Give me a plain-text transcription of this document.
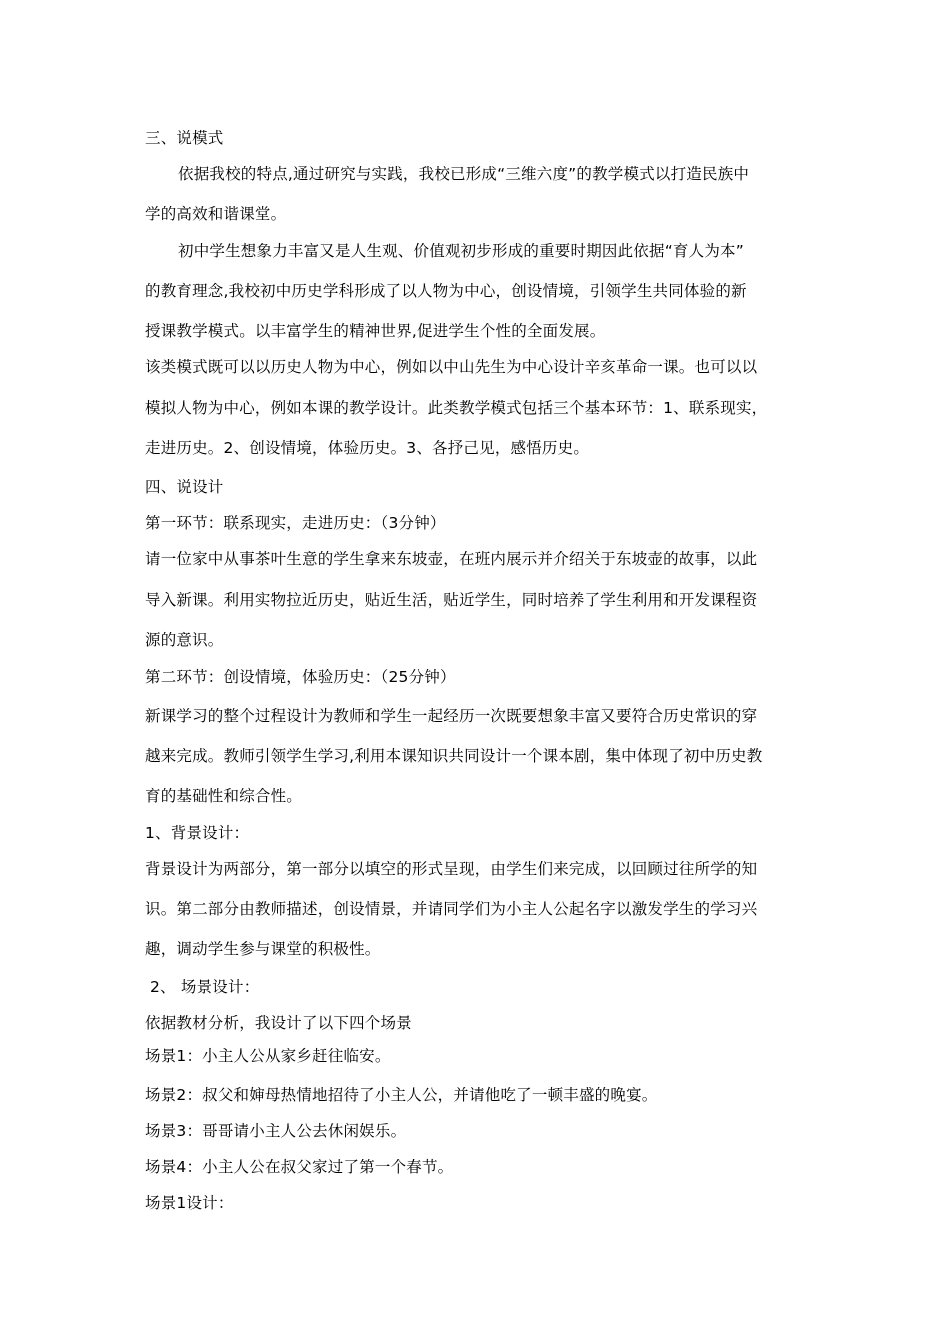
三、说模式
依据我校的特点,通过研究与实践，我校已形成“三维六度”的教学模式以打造民族中
学的高效和谐课堂。
初中学生想象力丰富又是人生观、价值观初步形成的重要时期因此依据“育人为本”
的教育理念,我校初中历史学科形成了以人物为中心，创设情境，引领学生共同体验的新
授课教学模式。以丰富学生的精神世界,促进学生个性的全面发展。
该类模式既可以以历史人物为中心，例如以中山先生为中心设计辛亥革命一课。也可以以
模拟人物为中心，例如本课的教学设计。此类教学模式包括三个基本环节：1、联系现实，
走进历史。2、创设情境，体验历史。3、各抒己见，感悟历史。
四、说设计
第一环节：联系现实，走进历史：（3分钟）
请一位家中从事茶叶生意的学生拿来东坡壶，在班内展示并介绍关于东坡壶的故事，以此
导入新课。利用实物拉近历史，贴近生活，贴近学生，同时培养了学生利用和开发课程资
源的意识。
第二环节：创设情境，体验历史：（25分钟）
新课学习的整个过程设计为教师和学生一起经历一次既要想象丰富又要符合历史常识的穿
越来完成。教师引领学生学习,利用本课知识共同设计一个课本剧，集中体现了初中历史教
育的基础性和综合性。
1、背景设计：
背景设计为两部分，第一部分以填空的形式呈现，由学生们来完成，以回顾过往所学的知
识。第二部分由教师描述，创设情景，并请同学们为小主人公起名字以激发学生的学习兴
趣，调动学生参与课堂的积极性。
2、 场景设计：
依据教材分析，我设计了以下四个场景
场景1：小主人公从家乡赶往临安。
场景2：叔父和婶母热情地招待了小主人公，并请他吃了一顿丰盛的晚宴。
场景3：哥哥请小主人公去休闲娱乐。
场景4：小主人公在叔父家过了第一个春节。
场景1设计：
